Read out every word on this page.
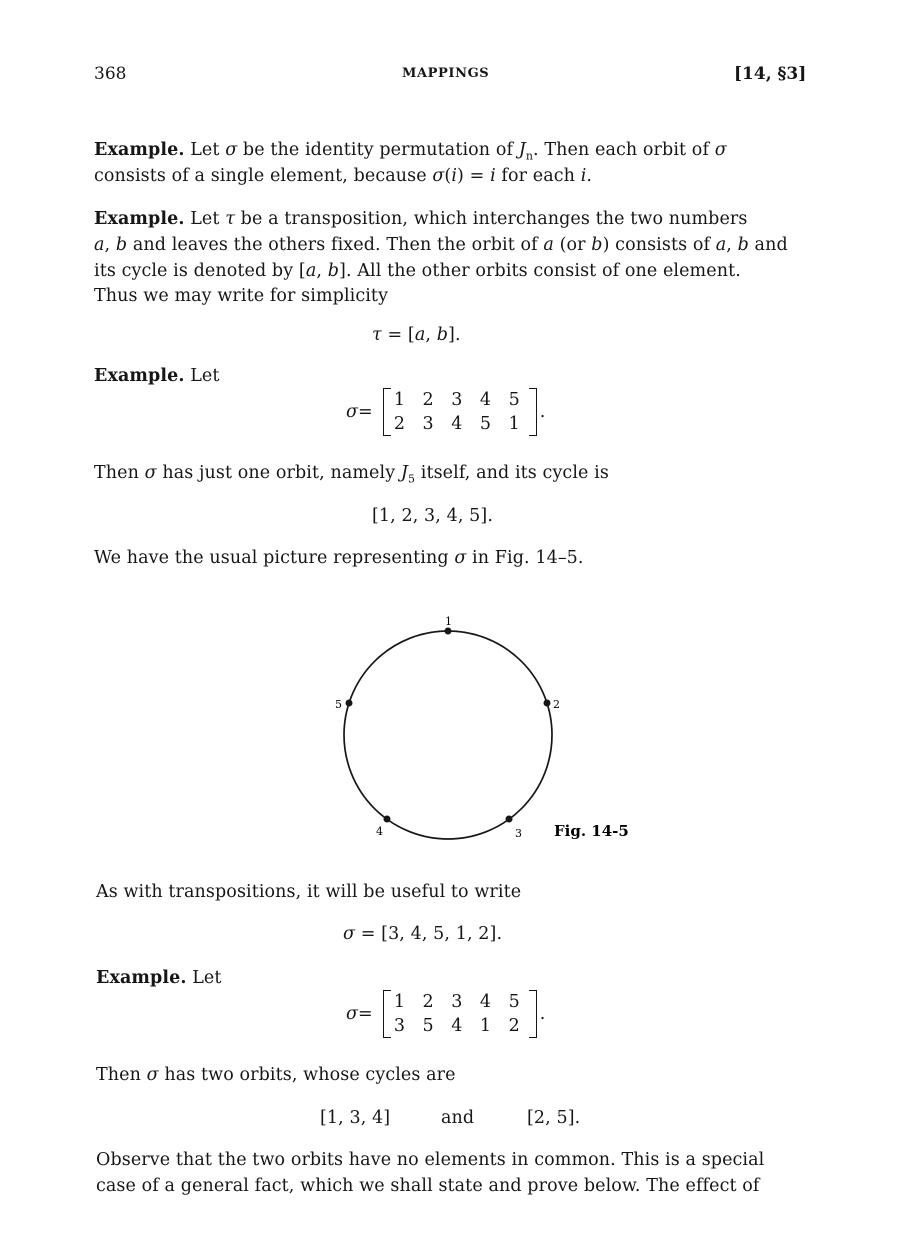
368	MAPPINGS	[14, §3]
Example. Let σ be the identity permutation of $J_n$. Then each orbit of σ
consists of a single element, because σ(i) = i for each i.
Example. Let τ be a transposition, which interchanges the two numbers
a, b and leaves the others fixed. Then the orbit of a (or b) consists of a, b and
its cycle is denoted by [a, b]. All the other orbits consist of one element.
Thus we may write for simplicity
τ = [a, b].
Example. Let
σ =
1 2 3 4 5
2 3 4 5 1
.
Then σ has just one orbit, namely $J_5$ itself, and its cycle is
[1, 2, 3, 4, 5].
We have the usual picture representing σ in Fig. 14–5.
1
2
3
4
5
Fig. 14-5
As with transpositions, it will be useful to write
σ = [3, 4, 5, 1, 2].
Example. Let
σ =
1 2 3 4 5
3 5 4 1 2
.
Then σ has two orbits, whose cycles are
[1, 3, 4]	and	[2, 5].
Observe that the two orbits have no elements in common. This is a special
case of a general fact, which we shall state and prove below. The effect of
